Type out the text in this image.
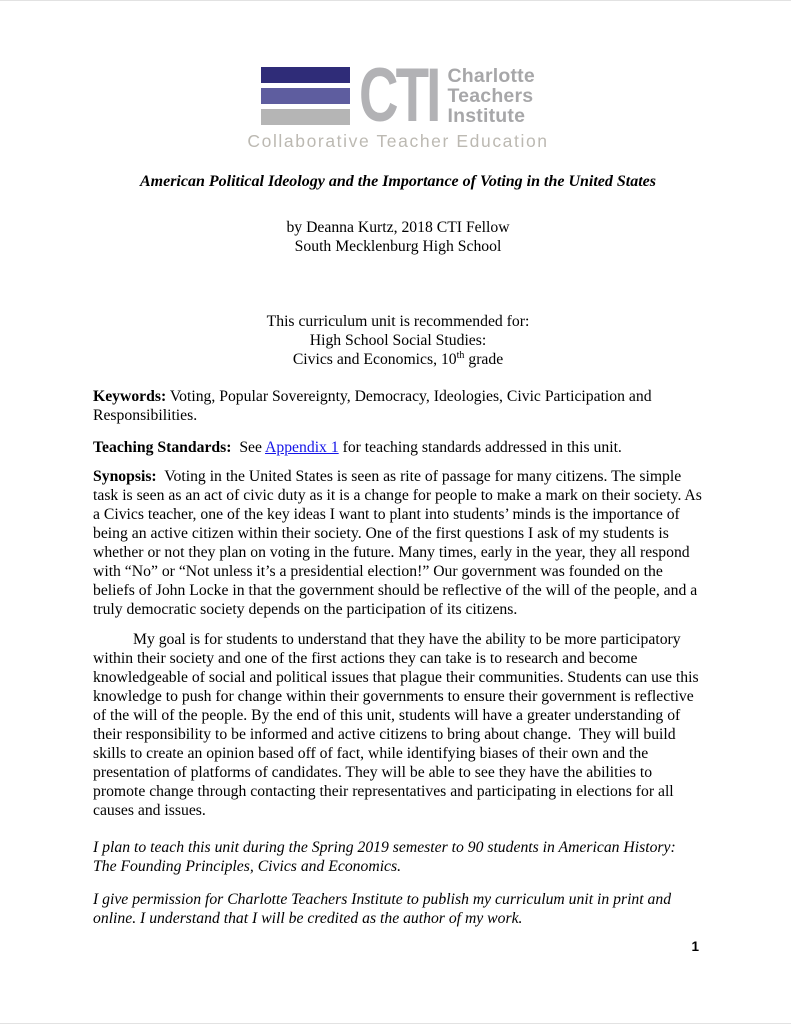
CTI Charlotte
Teachers
Institute
Collaborative Teacher Education
American Political Ideology and the Importance of Voting in the United States
by Deanna Kurtz, 2018 CTI Fellow
South Mecklenburg High School
This curriculum unit is recommended for:
High School Social Studies:
Civics and Economics, 10th grade

Keywords: Voting, Popular Sovereignty, Democracy, Ideologies, Civic Participation and Responsibilities.

Teaching Standards:  See Appendix 1 for teaching standards addressed in this unit.

Synopsis:  Voting in the United States is seen as rite of passage for many citizens. The simple task is seen as an act of civic duty as it is a change for people to make a mark on their society. As a Civics teacher, one of the key ideas I want to plant into students’ minds is the importance of being an active citizen within their society. One of the first questions I ask of my students is whether or not they plan on voting in the future. Many times, early in the year, they all respond with “No” or “Not unless it’s a presidential election!” Our government was founded on the beliefs of John Locke in that the government should be reflective of the will of the people, and a truly democratic society depends on the participation of its citizens.

My goal is for students to understand that they have the ability to be more participatory within their society and one of the first actions they can take is to research and become knowledgeable of social and political issues that plague their communities. Students can use this knowledge to push for change within their governments to ensure their government is reflective of the will of the people. By the end of this unit, students will have a greater understanding of their responsibility to be informed and active citizens to bring about change.  They will build skills to create an opinion based off of fact, while identifying biases of their own and the presentation of platforms of candidates. They will be able to see they have the abilities to promote change through contacting their representatives and participating in elections for all causes and issues.

I plan to teach this unit during the Spring 2019 semester to 90 students in American History: The Founding Principles, Civics and Economics.

I give permission for Charlotte Teachers Institute to publish my curriculum unit in print and online. I understand that I will be credited as the author of my work.

1
